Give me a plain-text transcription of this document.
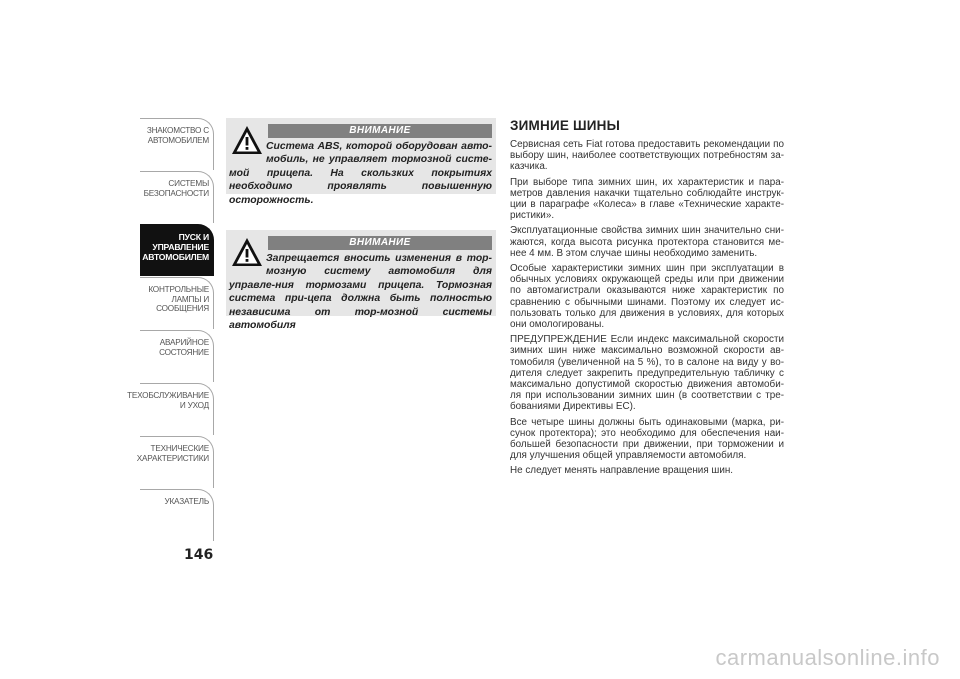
ЗНАКОМСТВО С
АВТОМОБИЛЕМ
СИСТЕМЫ
БЕЗОПАСНОСТИ
ПУСК И
УПРАВЛЕНИЕ
АВТОМОБИЛЕМ
КОНТРОЛЬНЫЕ
ЛАМПЫ И
СООБЩЕНИЯ
АВАРИЙНОЕ
СОСТОЯНИЕ
ТЕХОБСЛУЖИВАНИЕ
И УХОД
ТЕХНИЧЕСКИЕ
ХАРАКТЕРИСТИКИ
УКАЗАТЕЛЬ
146
ВНИМАНИЕ
Система ABS, которой оборудован авто-мобиль, не управляет тормозной систе-мой прицепа. На скользких покрытиях необходимо проявлять повышенную осторожность.
ВНИМАНИЕ
Запрещается вносить изменения в тор-мозную систему автомобиля для управле-ния тормозами прицепа. Тормозная система при-цепа должна быть полностью независима от тор-мозной системы автомобиля
ЗИМНИЕ ШИНЫ

Сервисная сеть Fiat готова предоставить рекомендации по выбору шин, наиболее соответствующих потребностям за-казчика.

При выборе типа зимних шин, их характеристик и пара-метров давления накачки тщательно соблюдайте инструк-ции в параграфе «Колеса» в главе «Технические характе-ристики».

Эксплуатационные свойства зимних шин значительно сни-жаются, когда высота рисунка протектора становится ме-нее 4 мм. В этом случае шины необходимо заменить.

Особые характеристики зимних шин при эксплуатации в обычных условиях окружающей среды или при движении по автомагистрали оказываются ниже характеристик по сравнению с обычными шинами. Поэтому их следует ис-пользовать только для движения в условиях, для которых они омологированы.

ПРЕДУПРЕЖДЕНИЕ Если индекс максимальной скорости зимних шин ниже максимально возможной скорости ав-томобиля (увеличенной на 5 %), то в салоне на виду у во-дителя следует закрепить предупредительную табличку с максимально допустимой скоростью движения автомоби-ля при использовании зимних шин (в соответствии с тре-бованиями Директивы ЕС).

Все четыре шины должны быть одинаковыми (марка, ри-сунок протектора); это необходимо для обеспечения наи-большей безопасности при движении, при торможении и для улучшения общей управляемости автомобиля.

Не следует менять направление вращения шин.

carmanualsonline.info
